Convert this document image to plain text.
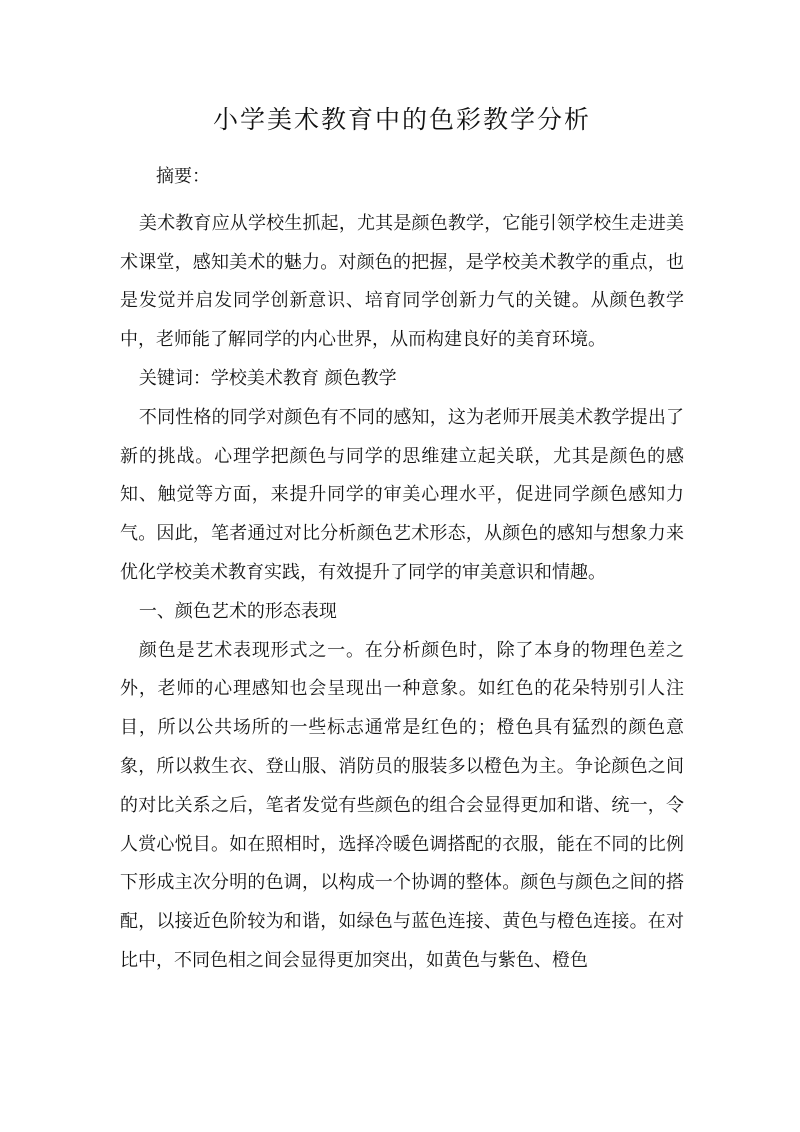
小学美术教育中的色彩教学分析

摘要：

美术教育应从学校生抓起，尤其是颜色教学，它能引领学校生走进美术课堂，感知美术的魅力。对颜色的把握，是学校美术教学的重点，也是发觉并启发同学创新意识、培育同学创新力气的关键。从颜色教学中，老师能了解同学的内心世界，从而构建良好的美育环境。

关键词：学校美术教育 颜色教学

不同性格的同学对颜色有不同的感知，这为老师开展美术教学提出了新的挑战。心理学把颜色与同学的思维建立起关联，尤其是颜色的感知、触觉等方面，来提升同学的审美心理水平，促进同学颜色感知力气。因此，笔者通过对比分析颜色艺术形态，从颜色的感知与想象力来优化学校美术教育实践，有效提升了同学的审美意识和情趣。

一、颜色艺术的形态表现

颜色是艺术表现形式之一。在分析颜色时，除了本身的物理色差之外，老师的心理感知也会呈现出一种意象。如红色的花朵特别引人注目，所以公共场所的一些标志通常是红色的；橙色具有猛烈的颜色意象，所以救生衣、登山服、消防员的服装多以橙色为主。争论颜色之间的对比关系之后，笔者发觉有些颜色的组合会显得更加和谐、统一，令人赏心悦目。如在照相时，选择冷暖色调搭配的衣服，能在不同的比例下形成主次分明的色调，以构成一个协调的整体。颜色与颜色之间的搭配，以接近色阶较为和谐，如绿色与蓝色连接、黄色与橙色连接。在对比中，不同色相之间会显得更加突出，如黄色与紫色、橙色
